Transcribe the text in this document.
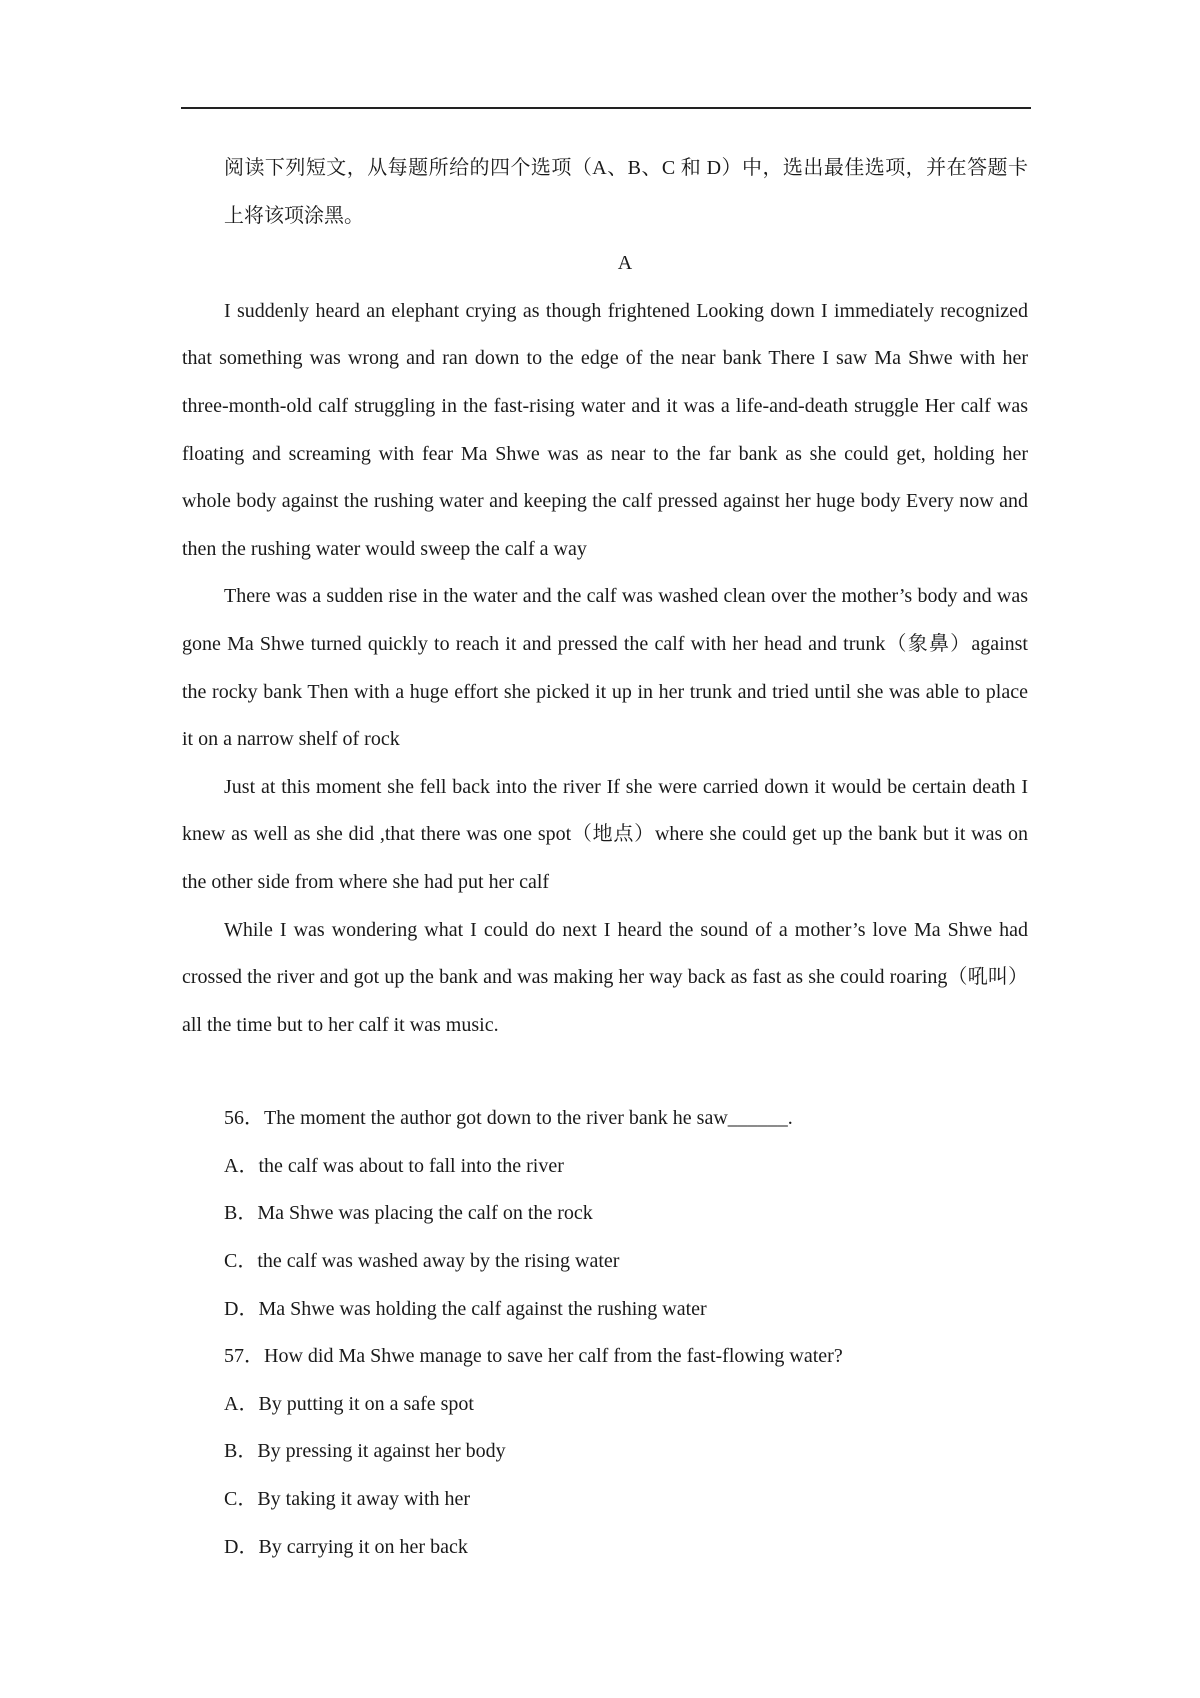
阅读下列短文，从每题所给的四个选项（A、B、C 和 D）中，选出最佳选项，并在答题卡上将该项涂黑。

A

I suddenly heard an elephant crying as though frightened Looking down I immediately recognized that something was wrong and ran down to the edge of the near bank There I saw Ma Shwe with her three-month-old calf struggling in the fast-rising water and it was a life-and-death struggle Her calf was floating and screaming with fear Ma Shwe was as near to the far bank as she could get, holding her whole body against the rushing water and keeping the calf pressed against her huge body Every now and then the rushing water would sweep the calf a way

There was a sudden rise in the water and the calf was washed clean over the mother’s body and was gone Ma Shwe turned quickly to reach it and pressed the calf with her head and trunk（象鼻）against the rocky bank Then with a huge effort she picked it up in her trunk and tried until she was able to place it on a narrow shelf of rock

Just at this moment she fell back into the river If she were carried down it would be certain death I knew as well as she did ,that there was one spot（地点）where she could get up the bank but it was on the other side from where she had put her calf

While I was wondering what I could do next I heard the sound of a mother’s love Ma Shwe had crossed the river and got up the bank and was making her way back as fast as she could roaring（吼叫）all the time but to her calf it was music.

56．The moment the author got down to the river bank he saw______.

A．the calf was about to fall into the river

B．Ma Shwe was placing the calf on the rock

C．the calf was washed away by the rising water

D．Ma Shwe was holding the calf against the rushing water

57．How did Ma Shwe manage to save her calf from the fast-flowing water?

A．By putting it on a safe spot

B．By pressing it against her body

C．By taking it away with her

D．By carrying it on her back
